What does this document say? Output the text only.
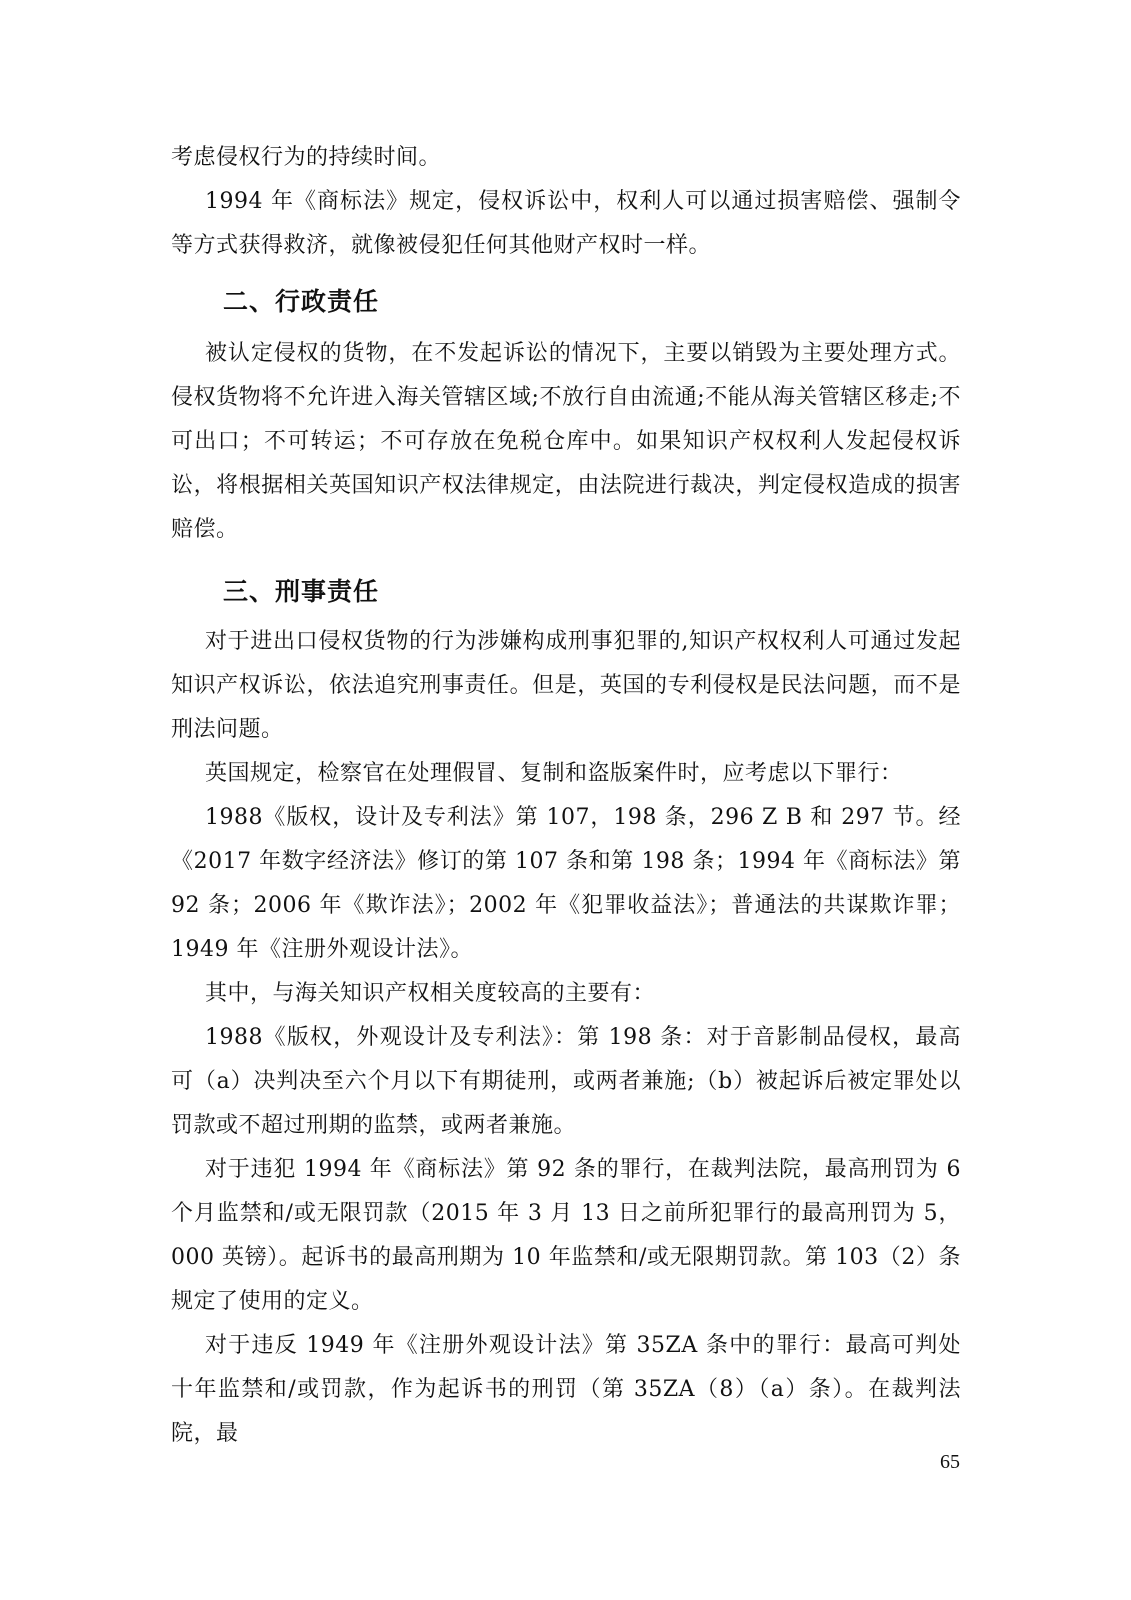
考虑侵权行为的持续时间。

1994 年《商标法》规定，侵权诉讼中，权利人可以通过损害赔偿、强制令等方式获得救济，就像被侵犯任何其他财产权时一样。

二、行政责任

被认定侵权的货物，在不发起诉讼的情况下，主要以销毁为主要处理方式。侵权货物将不允许进入海关管辖区域;不放行自由流通;不能从海关管辖区移走;不可出口；不可转运；不可存放在免税仓库中。如果知识产权权利人发起侵权诉讼，将根据相关英国知识产权法律规定，由法院进行裁决，判定侵权造成的损害赔偿。

三、刑事责任

对于进出口侵权货物的行为涉嫌构成刑事犯罪的,知识产权权利人可通过发起知识产权诉讼，依法追究刑事责任。但是，英国的专利侵权是民法问题，而不是刑法问题。

英国规定，检察官在处理假冒、复制和盗版案件时，应考虑以下罪行：

1988《版权，设计及专利法》第 107，198 条，296 Z B 和 297 节。经《2017 年数字经济法》修订的第 107 条和第 198 条；1994 年《商标法》第 92 条；2006 年《欺诈法》；2002 年《犯罪收益法》；普通法的共谋欺诈罪；1949 年《注册外观设计法》。

其中，与海关知识产权相关度较高的主要有：

1988《版权，外观设计及专利法》：第 198 条：对于音影制品侵权，最高可（a）决判决至六个月以下有期徒刑，或两者兼施;（b）被起诉后被定罪处以罚款或不超过刑期的监禁，或两者兼施。

对于违犯 1994 年《商标法》第 92 条的罪行，在裁判法院，最高刑罚为 6 个月监禁和/或无限罚款（2015 年 3 月 13 日之前所犯罪行的最高刑罚为 5，000 英镑）。起诉书的最高刑期为 10 年监禁和/或无限期罚款。第 103（2）条规定了使用的定义。

对于违反 1949 年《注册外观设计法》第 35ZA 条中的罪行：最高可判处十年监禁和/或罚款，作为起诉书的刑罚（第 35ZA（8）（a）条）。在裁判法院，最

65
